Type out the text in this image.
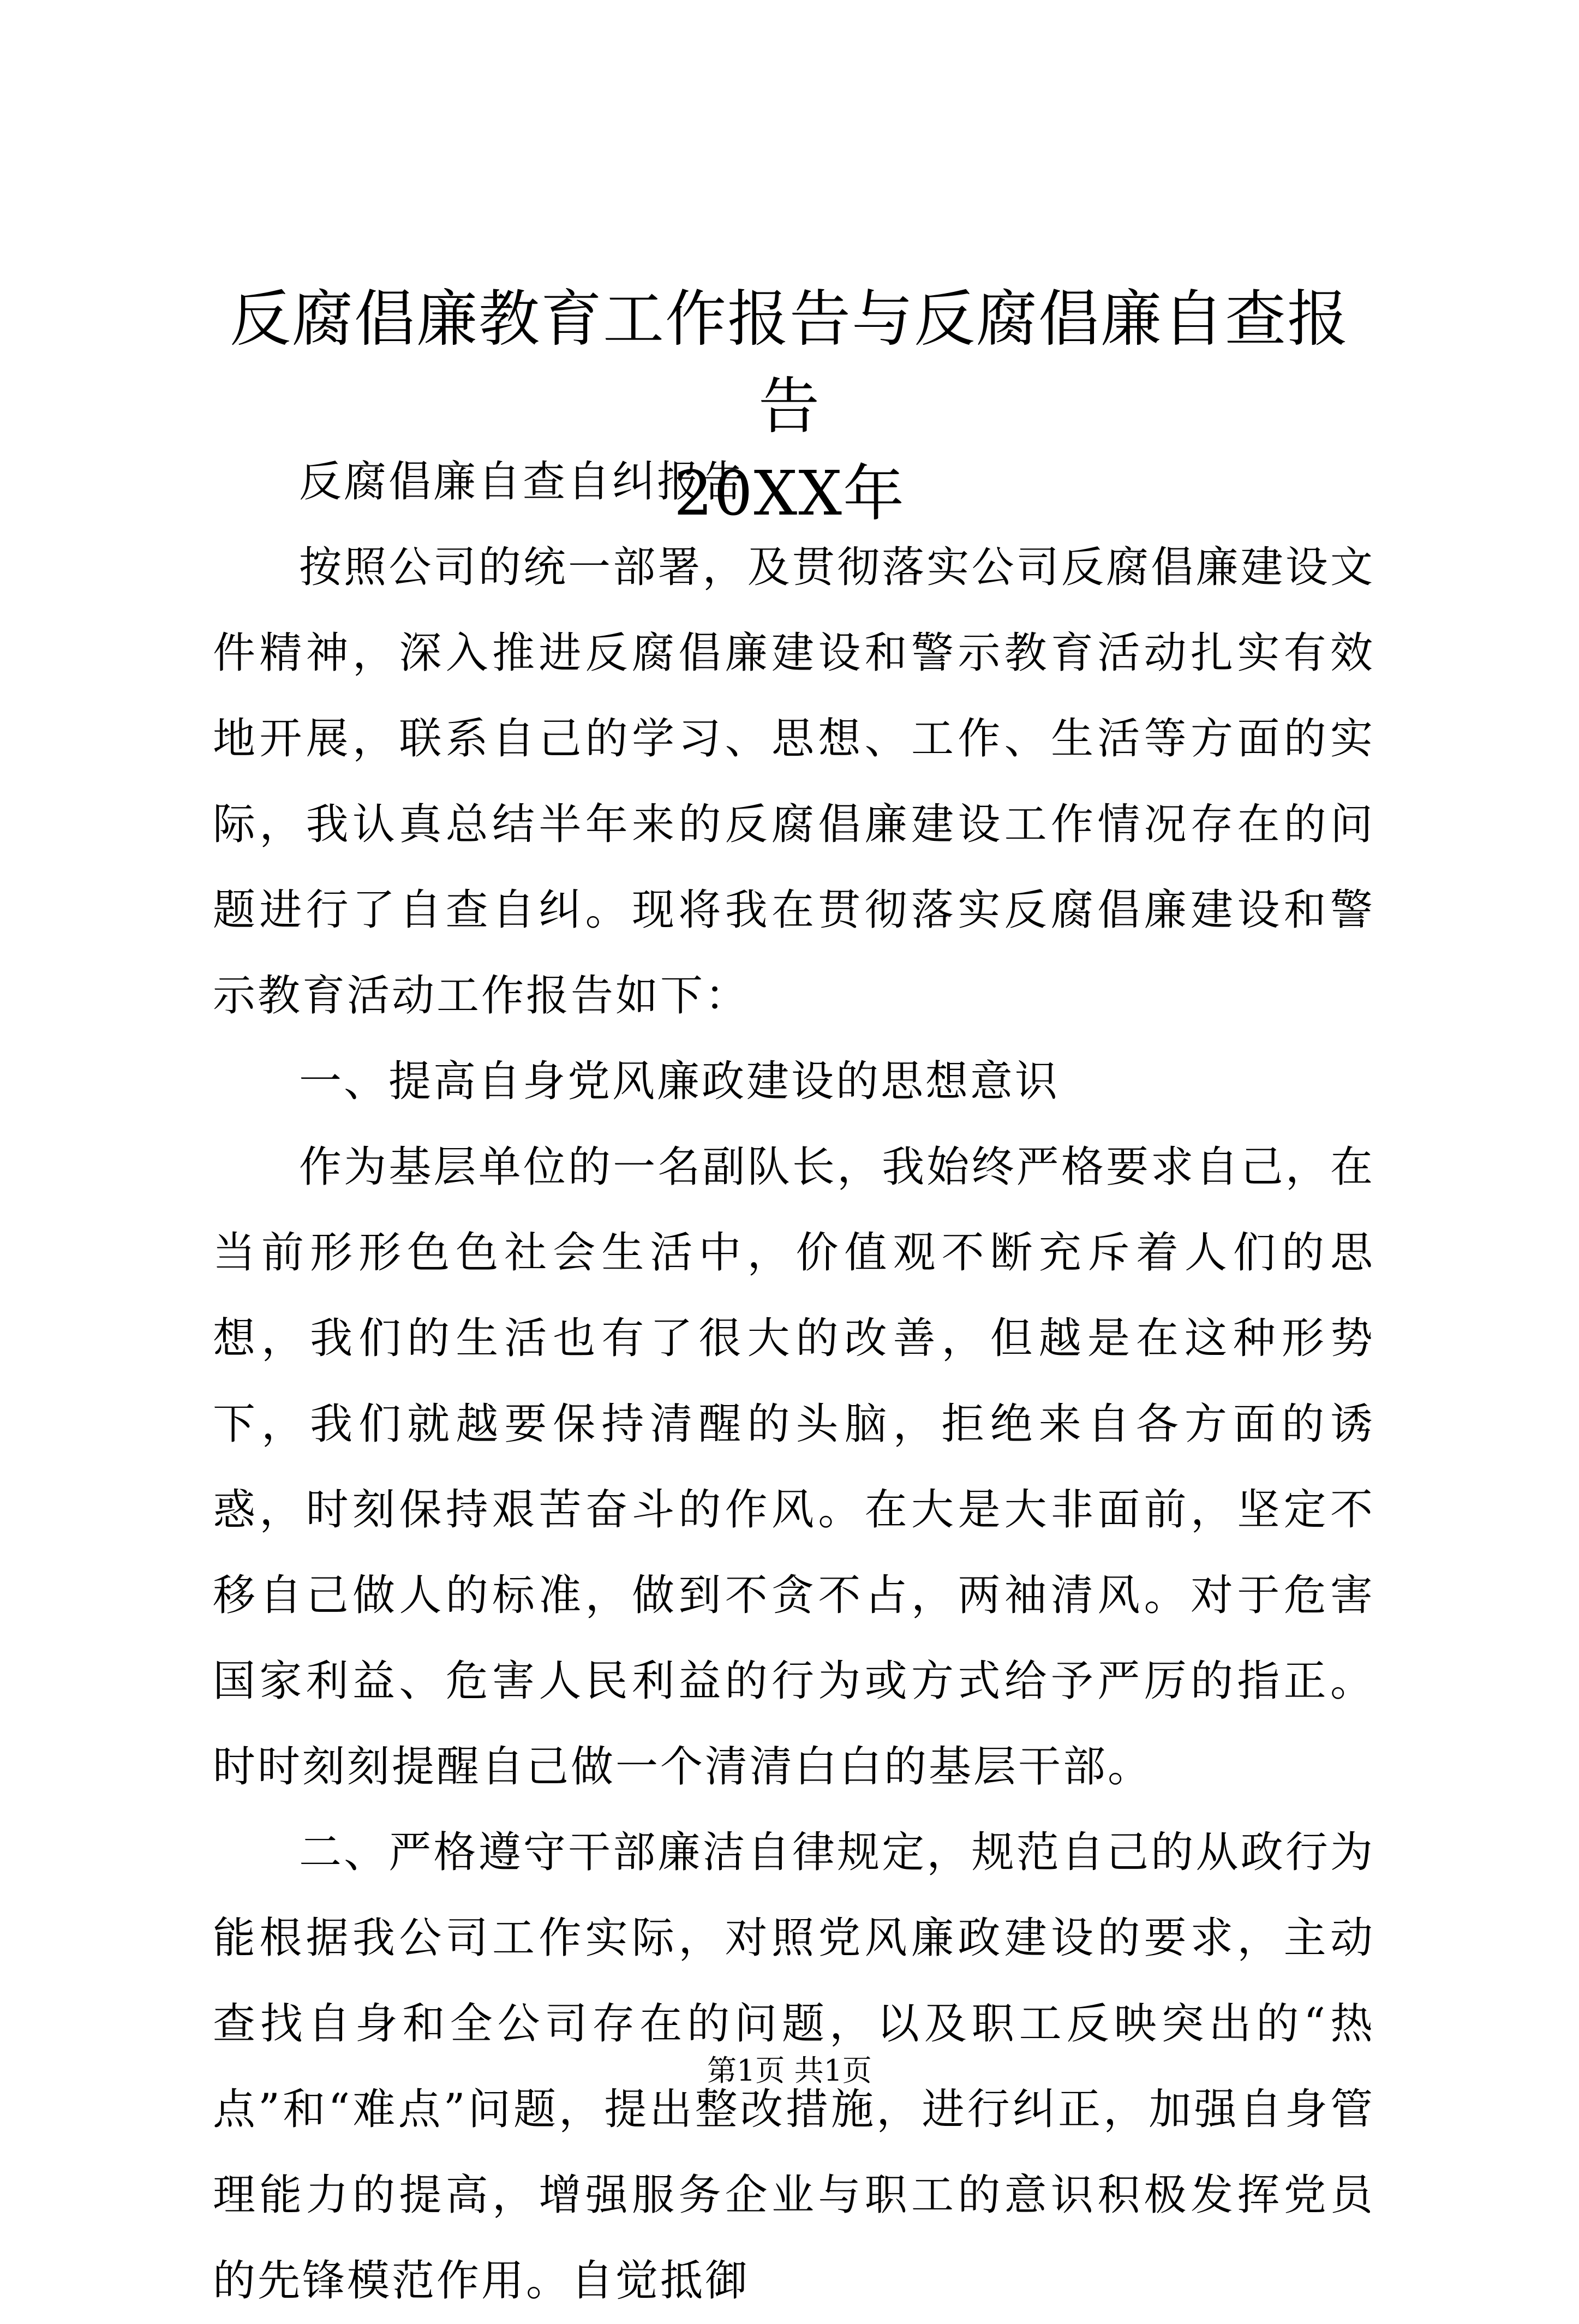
反腐倡廉教育工作报告与反腐倡廉自查报告
20XX年

反腐倡廉自查自纠报告

按照公司的统一部署，及贯彻落实公司反腐倡廉建设文件精神，深入推进反腐倡廉建设和警示教育活动扎实有效地开展，联系自己的学习、思想、工作、生活等方面的实际，我认真总结半年来的反腐倡廉建设工作情况存在的问题进行了自查自纠。现将我在贯彻落实反腐倡廉建设和警示教育活动工作报告如下：

一、提高自身党风廉政建设的思想意识

作为基层单位的一名副队长，我始终严格要求自己，在当前形形色色社会生活中，价值观不断充斥着人们的思想，我们的生活也有了很大的改善，但越是在这种形势下，我们就越要保持清醒的头脑，拒绝来自各方面的诱惑，时刻保持艰苦奋斗的作风。在大是大非面前，坚定不移自己做人的标准，做到不贪不占，两袖清风。对于危害国家利益、危害人民利益的行为或方式给予严厉的指正。时时刻刻提醒自己做一个清清白白的基层干部。

二、严格遵守干部廉洁自律规定，规范自己的从政行为能根据我公司工作实际，对照党风廉政建设的要求，主动查找自身和全公司存在的问题，以及职工反映突出的“热点”和“难点”问题，提出整改措施，进行纠正，加强自身管理能力的提高，增强服务企业与职工的意识积极发挥党员的先锋模范作用。自觉抵御

第1页 共1页
